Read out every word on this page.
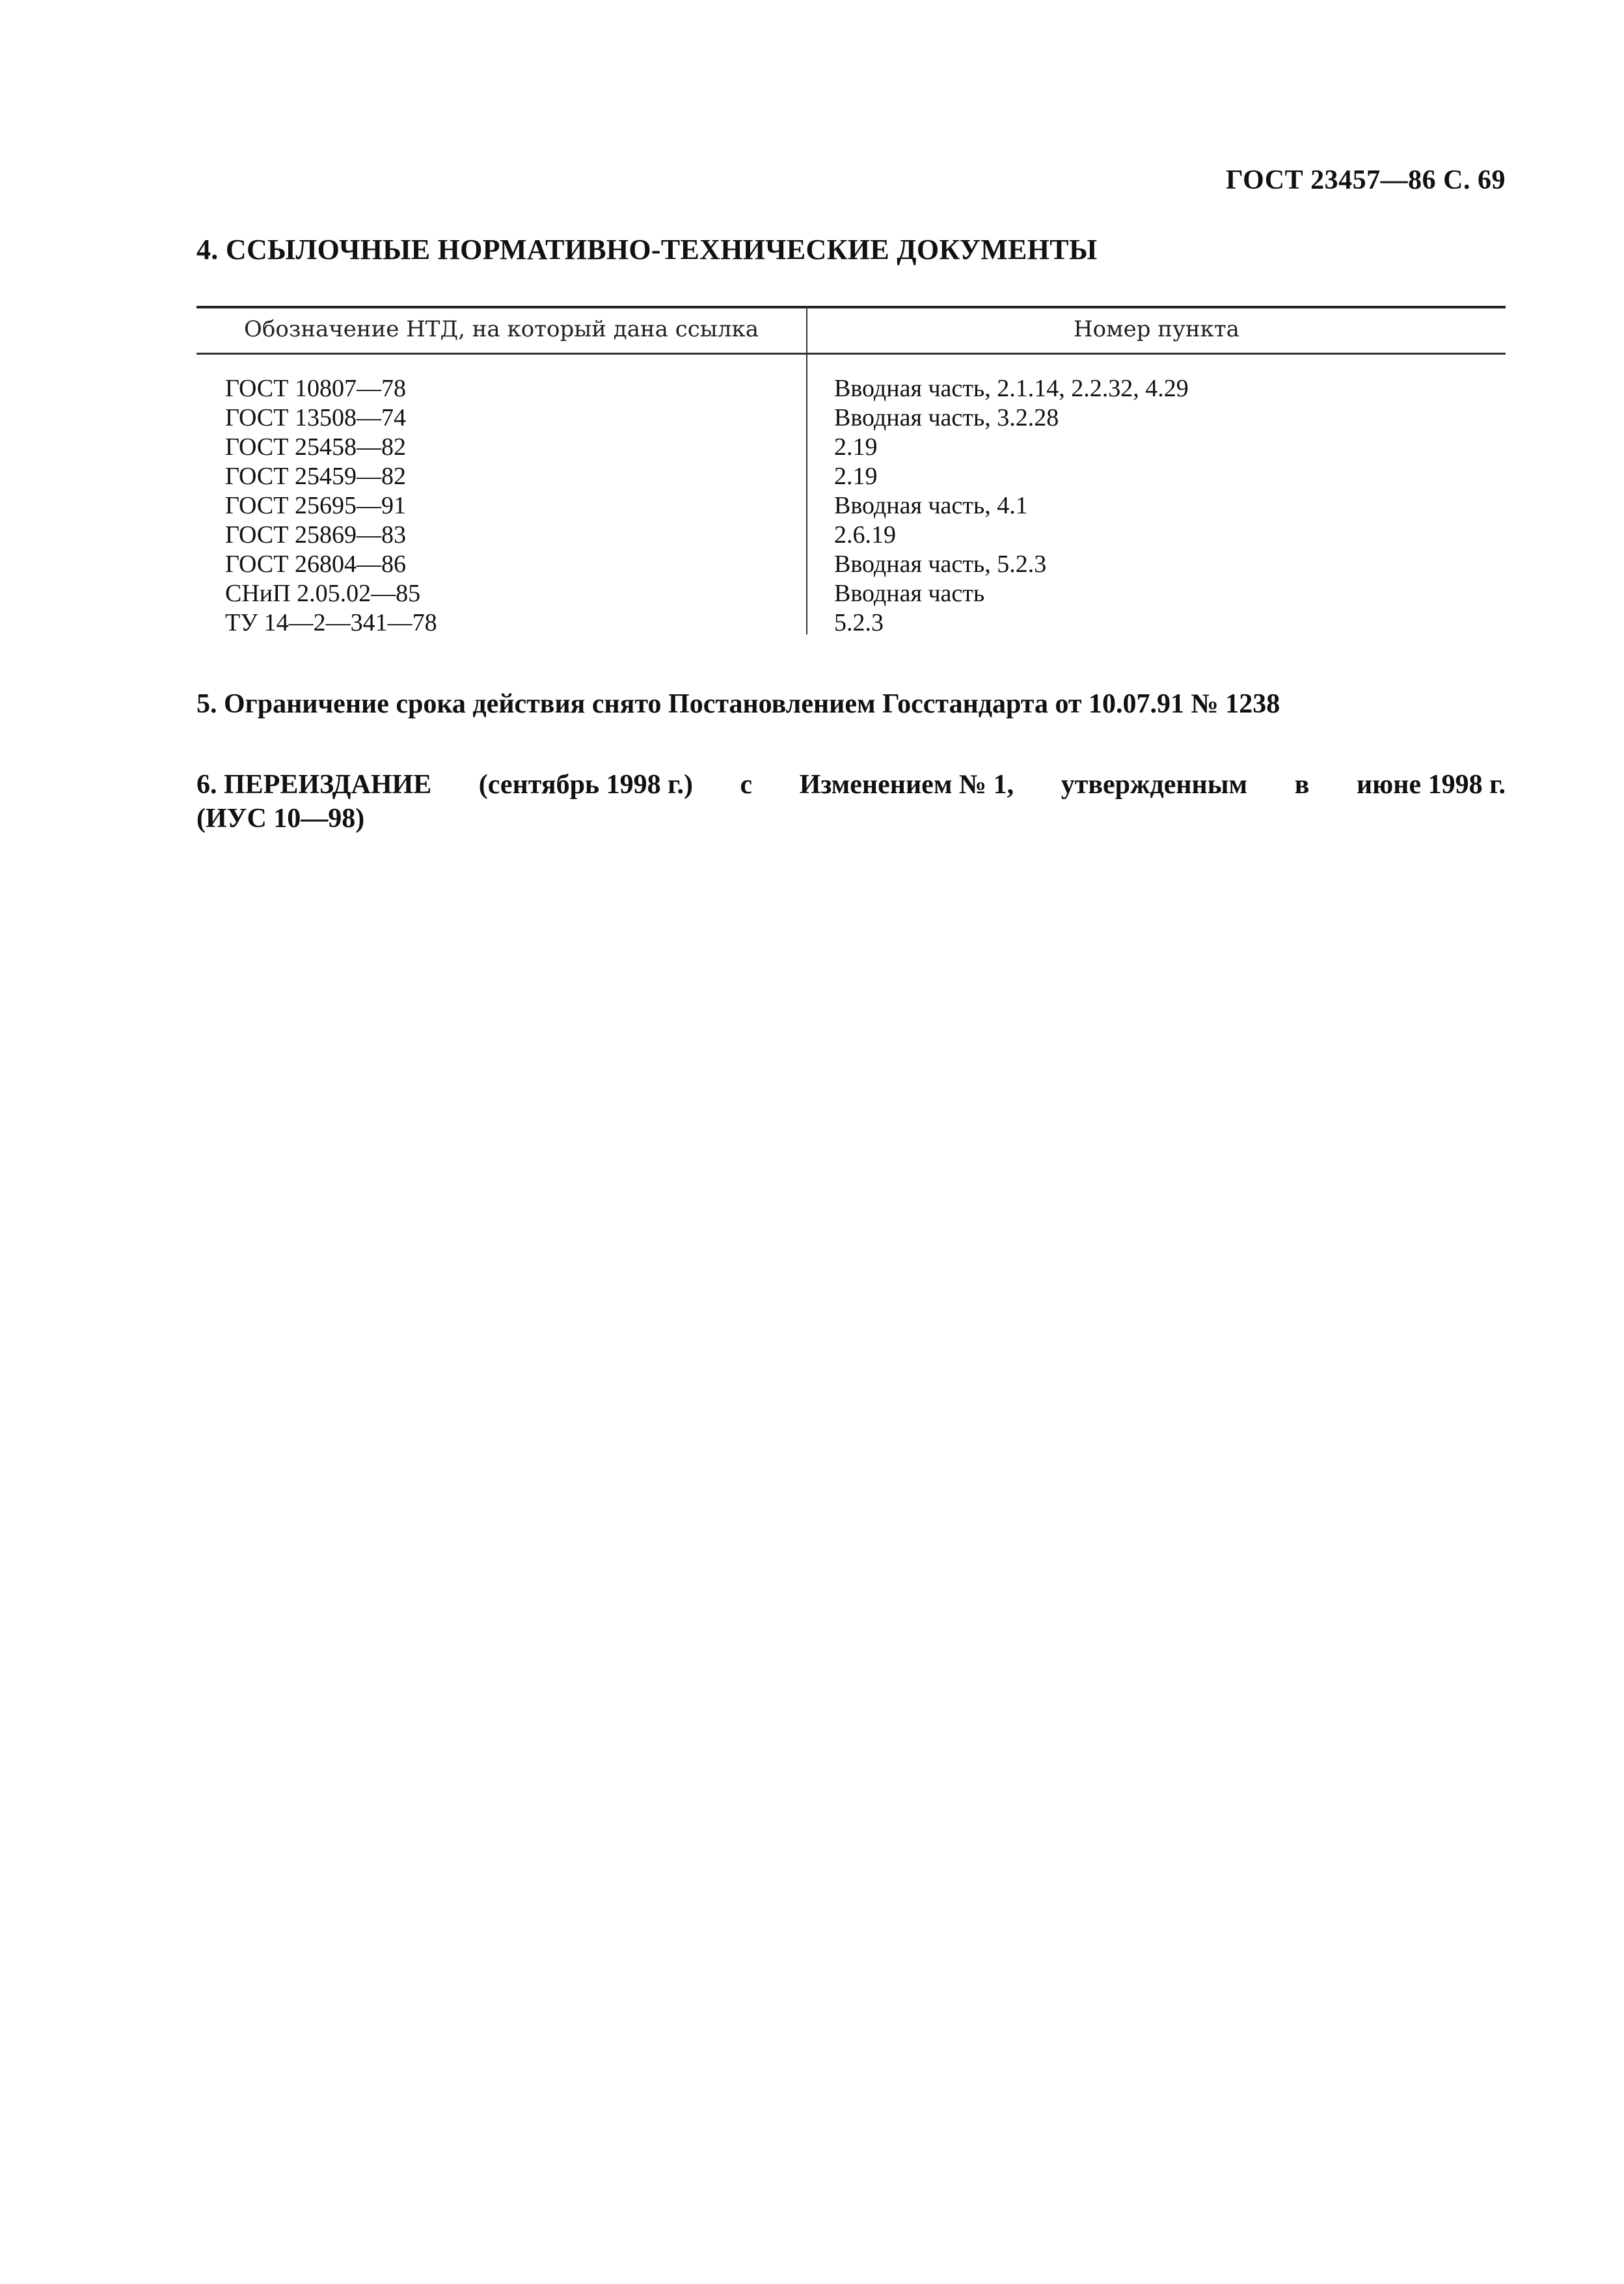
ГОСТ 23457—86 С. 69
4. ССЫЛОЧНЫЕ НОРМАТИВНО-ТЕХНИЧЕСКИЕ ДОКУМЕНТЫ
Обозначение НТД, на который дана ссылка	Номер пункта
ГОСТ 10807—78	Вводная часть, 2.1.14, 2.2.32, 4.29
ГОСТ 13508—74	Вводная часть, 3.2.28
ГОСТ 25458—82	2.19
ГОСТ 25459—82	2.19
ГОСТ 25695—91	Вводная часть, 4.1
ГОСТ 25869—83	2.6.19
ГОСТ 26804—86	Вводная часть, 5.2.3
СНиП 2.05.02—85	Вводная часть
ТУ 14—2—341—78	5.2.3
5. Ограничение срока действия снято Постановлением Госстандарта от 10.07.91 № 1238
6. ПЕРЕИЗДАНИЕ (сентябрь 1998 г.) с Изменением № 1, утвержденным в июне 1998 г.
(ИУС 10—98)
